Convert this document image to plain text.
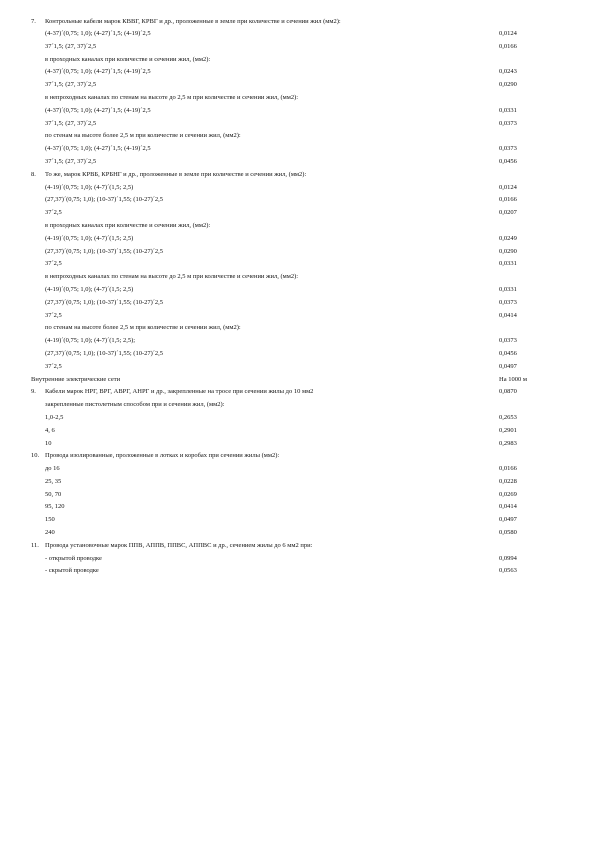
7.	Контрольные кабели марок КВВГ, КРВГ и др., проложенные в земле при количестве и сечении жил (мм2):
(4-37)´(0,75; 1,0); (4-27)´1,5; (4-19)´2,5	0,0124
37´1,5; (27, 37)´2,5	0,0166
в проходных каналах при количестве и сечении жил, (мм2):
(4-37)´(0,75; 1,0); (4-27)´1,5; (4-19)´2,5	0,0243
37´1,5; (27, 37)´2,5	0,0290
в непроходных каналах по стенам на высоте до 2,5 м при количестве и сечении жил, (мм2):
(4-37)´(0,75; 1,0); (4-27)´1,5; (4-19)´2,5	0,0331
37´1,5; (27, 37)´2,5	0,0373
по стенам на высоте более 2,5 м при количестве и сечении жил, (мм2):
(4-37)´(0,75; 1,0); (4-27)´1,5; (4-19)´2,5	0,0373
37´1,5; (27, 37)´2,5	0,0456
8.	То же, марок КРВБ, КРБНГ и др., проложенные в земле при количестве и сечении жил, (мм2):
(4-19)´(0,75; 1,0); (4-7)´(1,5; 2,5)	0,0124
(27,37)´(0,75; 1,0); (10-37)´1,55; (10-27)´2,5	0,0166
37´2,5	0,0207
в проходных каналах при количестве и сечении жил, (мм2):
(4-19)´(0,75; 1,0); (4-7)´(1,5; 2,5)	0,0249
(27,37)´(0,75; 1,0); (10-37)´1,55; (10-27)´2,5	0,0290
37´2,5	0,0331
в непроходных каналах по стенам на высоте до 2,5 м при количестве и сечении жил, (мм2):
(4-19)´(0,75; 1,0); (4-7)´(1,5; 2,5)	0,0331
(27,37)´(0,75; 1,0); (10-37)´1,55; (10-27)´2,5	0,0373
37´2,5	0,0414
по стенам на высоте более 2,5 м при количестве и сечении жил, (мм2):
(4-19)´(0,75; 1,0); (4-7)´(1,5; 2,5);	0,0373
(27,37)´(0,75; 1,0); (10-37)´1,55; (10-27)´2,5	0,0456
37´2,5	0,0497
Внутренние электрические сети	На 1000 м
9.	Кабели марок НРГ, ВРГ, АВРГ, АНРГ и др., закрепленные на тросе при сечении жилы до 10 мм2	0,0870
закрепленные пистолетным способом при и сечении жил, (мм2):
1,0-2,5	0,2653
4, 6	0,2901
10	0,2983
10. Провода изолированные, проложенные в лотках и коробах при сечении жилы (мм2):
до 16	0,0166
25, 35	0,0228
50, 70	0,0269
95, 120	0,0414
150	0,0497
240	0,0580
11. Провода установочные марок ППВ, АППВ, ППВС, АППВС и др., сечением жилы до 6 мм2 при:
- открытой проводке	0,0994
- скрытой проводке	0,0563
